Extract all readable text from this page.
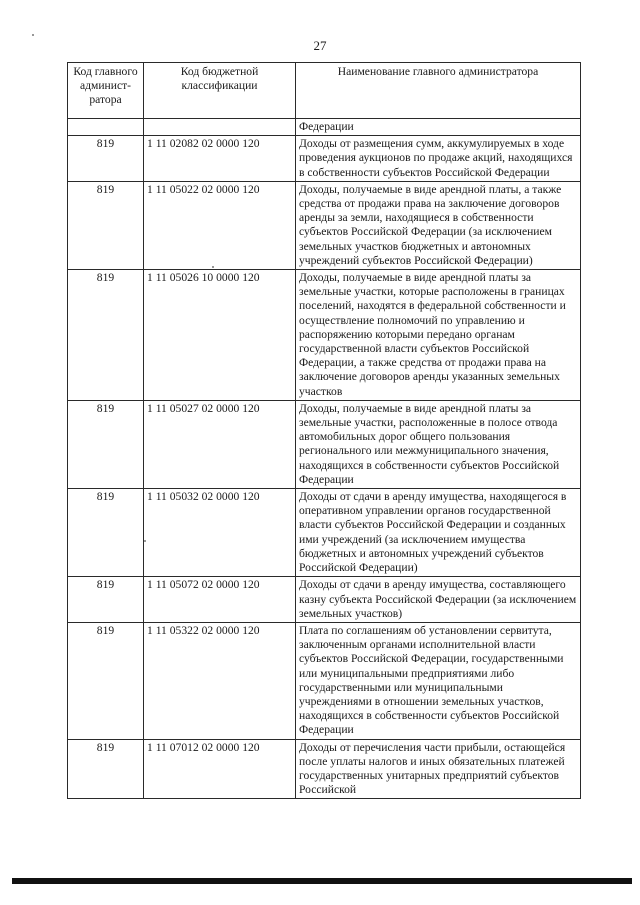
27
Код главного админист-ратора	Код бюджетной классификации	Наименование главного администратора
		Федерации
819	1 11 02082 02 0000 120	Доходы от размещения сумм, аккумулируемых в ходе проведения аукционов по продаже акций, находящихся в собственности субъектов Российской Федерации
819	1 11 05022 02 0000 120	Доходы, получаемые в виде арендной платы, а также средства от продажи права на заключение договоров аренды за земли, находящиеся в собственности субъектов Российской Федерации (за исключением земельных участков бюджетных и автономных учреждений субъектов Российской Федерации)
819	1 11 05026 10 0000 120	Доходы, получаемые в виде арендной платы за земельные участки, которые расположены в границах поселений, находятся в федеральной собственности и осуществление полномочий по управлению и распоряжению которыми передано органам государственной власти субъектов Российской Федерации, а также средства от продажи права на заключение договоров аренды указанных земельных участков
819	1 11 05027 02 0000 120	Доходы, получаемые в виде арендной платы за земельные участки, расположенные в полосе отвода автомобильных дорог общего пользования регионального или межмуниципального значения, находящихся в собственности субъектов Российской Федерации
819	1 11 05032 02 0000 120	Доходы от сдачи в аренду имущества, находящегося в оперативном управлении органов государственной власти субъектов Российской Федерации и созданных ими учреждений (за исключением имущества бюджетных и автономных учреждений субъектов Российской Федерации)
819	1 11 05072 02 0000 120	Доходы от сдачи в аренду имущества, составляющего казну субъекта Российской Федерации (за исключением земельных участков)
819	1 11 05322 02 0000 120	Плата по соглашениям об установлении сервитута, заключенным органами исполнительной власти субъектов Российской Федерации, государственными или муниципальными предприятиями либо государственными или муниципальными учреждениями в отношении земельных участков, находящихся в собственности субъектов Российской Федерации
819	1 11 07012 02 0000 120	Доходы от перечисления части прибыли, остающейся после уплаты налогов и иных обязательных платежей государственных унитарных предприятий субъектов Российской
